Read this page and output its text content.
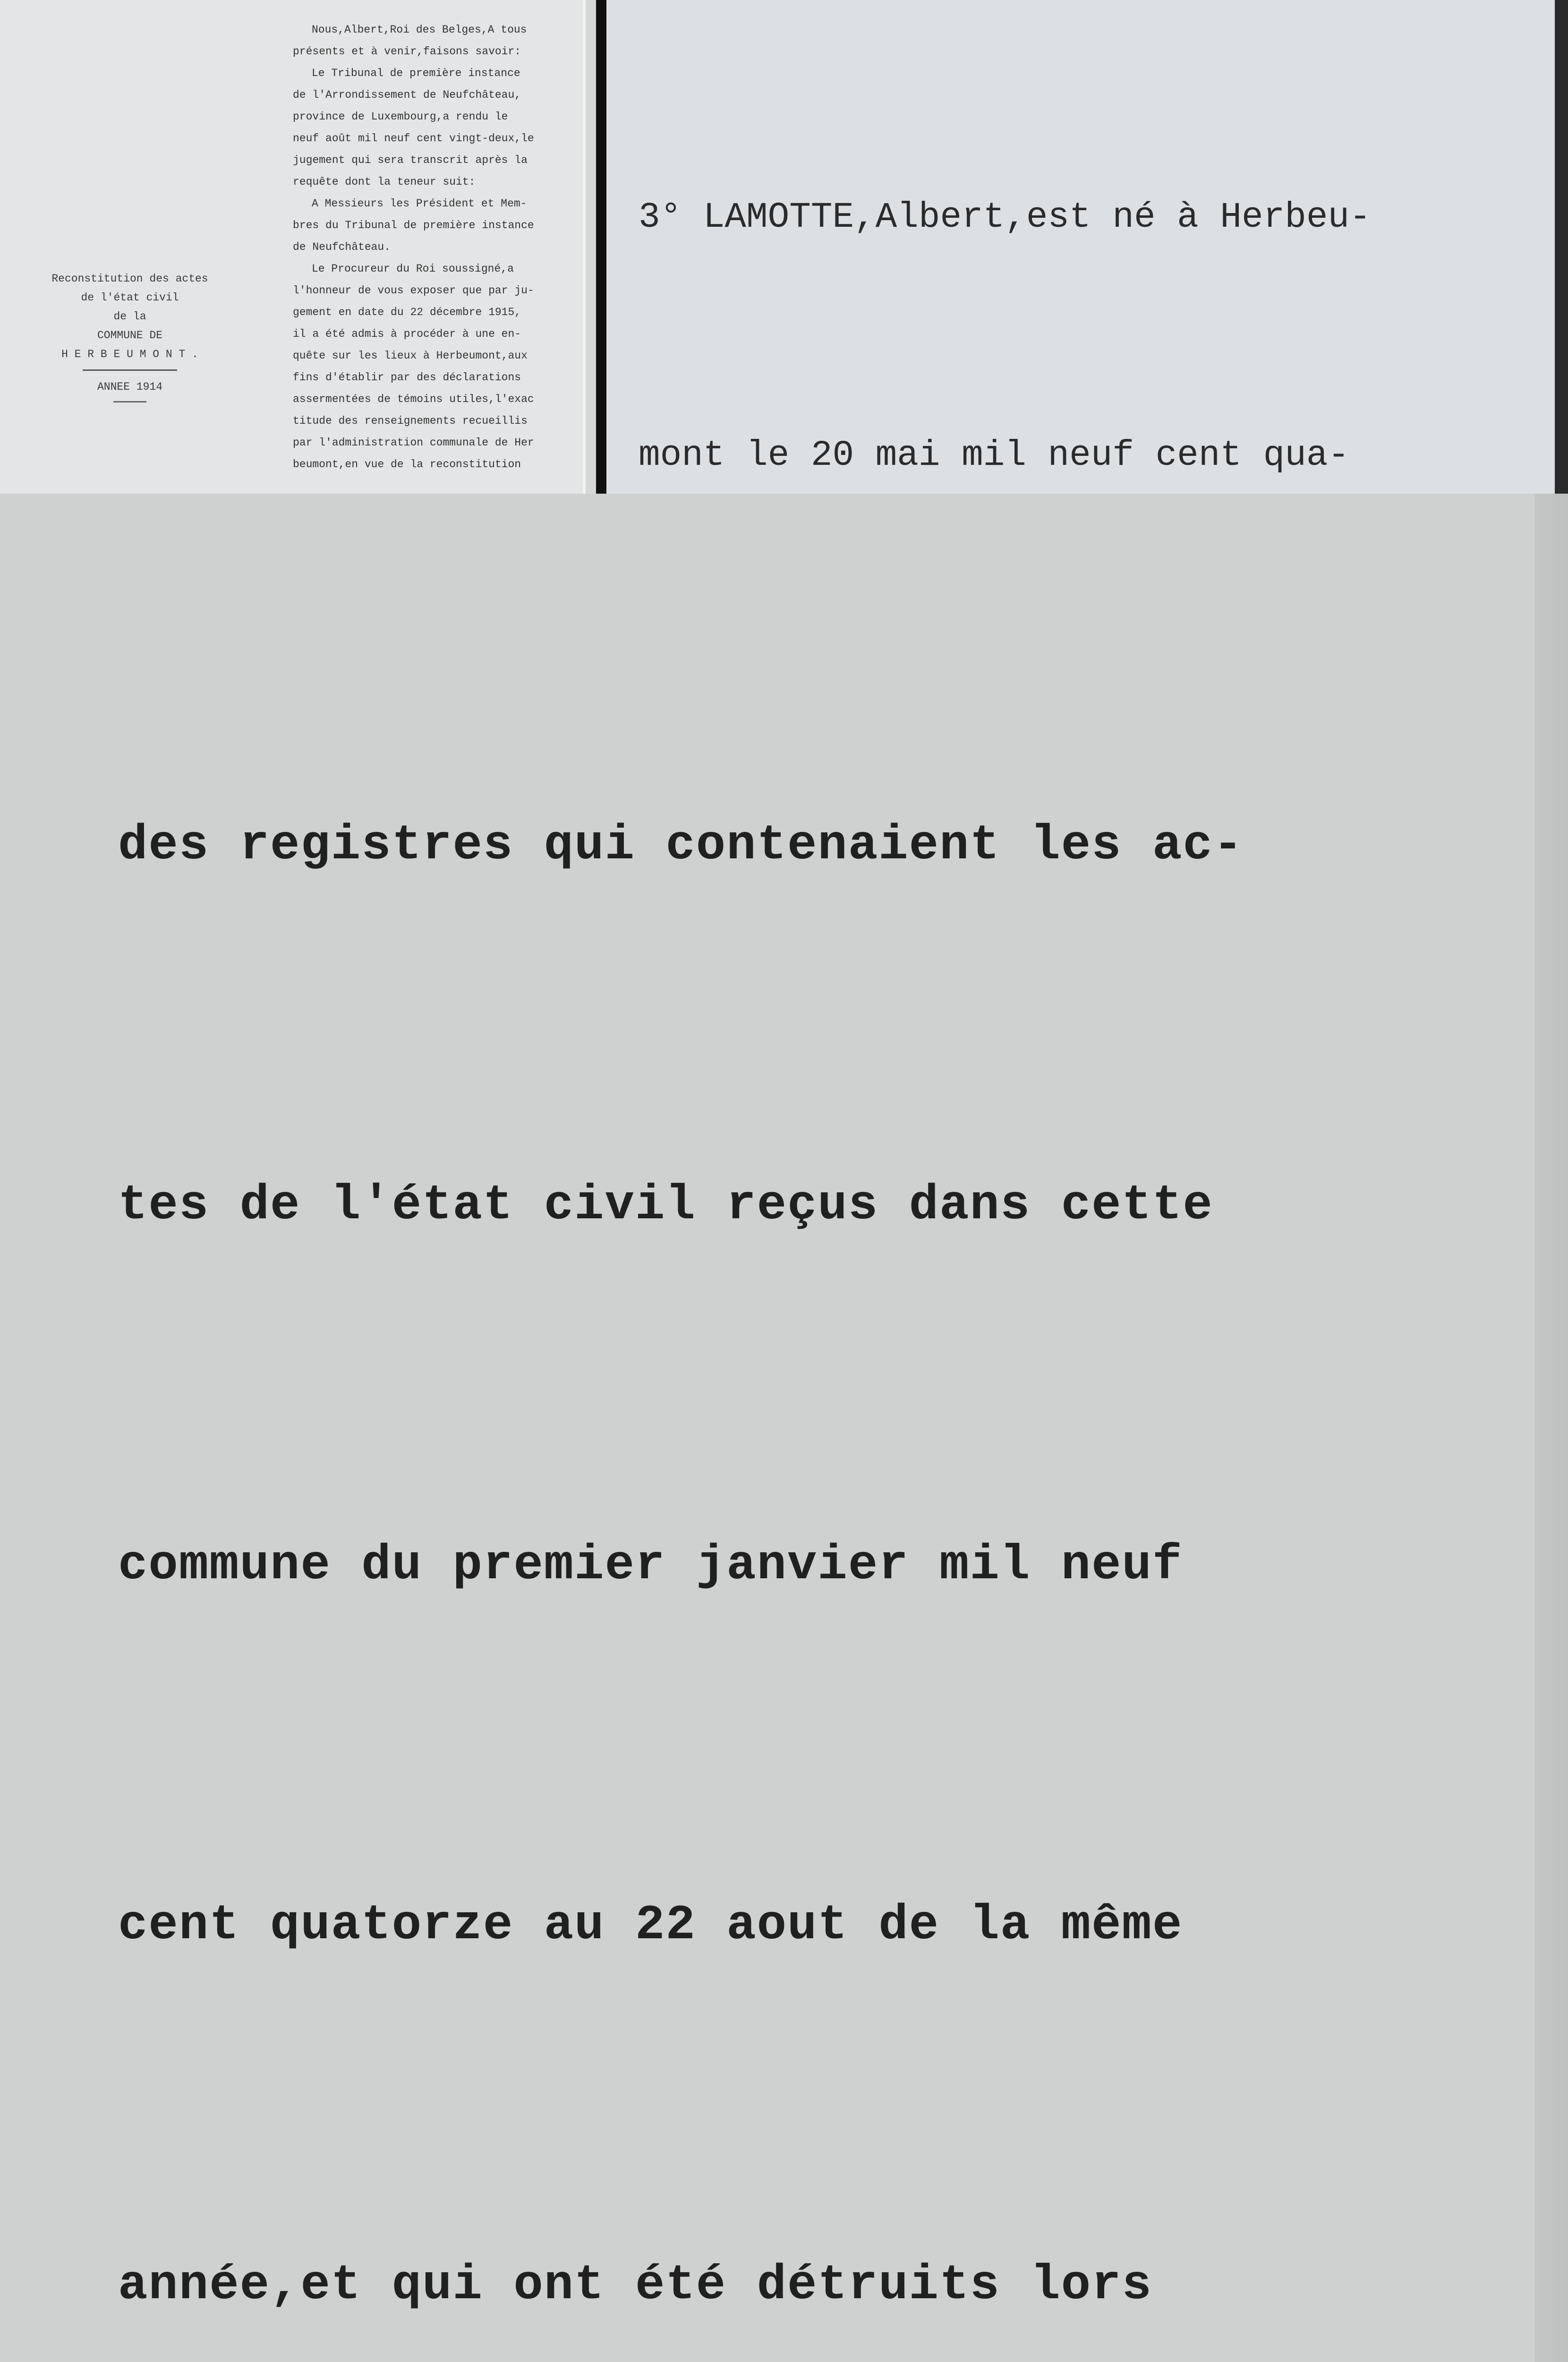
Reconstitution des actes
de l'état civil
de la
COMMUNE DE
H E R B E U M O N T .
ANNEE 1914
Nous,Albert,Roi des Belges,A tous
présents et à venir,faisons savoir:
Le Tribunal de première instance
de l'Arrondissement de Neufchâteau,
province de Luxembourg,a rendu le
neuf août mil neuf cent vingt-deux,le
jugement qui sera transcrit après la
requête dont la teneur suit:
A Messieurs les Président et Mem-
bres du Tribunal de première instance
de Neufchâteau.
Le Procureur du Roi soussigné,a
l'honneur de vous exposer que par ju-
gement en date du 22 décembre 1915,
il a été admis à procéder à une en-
quête sur les lieux à Herbeumont,aux
fins d'établir par des déclarations
assermentées de témoins utiles,l'exac
titude des renseignements recueillis
par l'administration communale de Her
beumont,en vue de la reconstitution

3° LAMOTTE,Albert,est né à Herbeu-

mont le 20 mai mil neuf cent qua-

des registres qui contenaient les ac-

tes de l'état civil reçus dans cette

commune du premier janvier mil neuf

cent quatorze au 22 aout de la même

année,et qui ont été détruits lors
